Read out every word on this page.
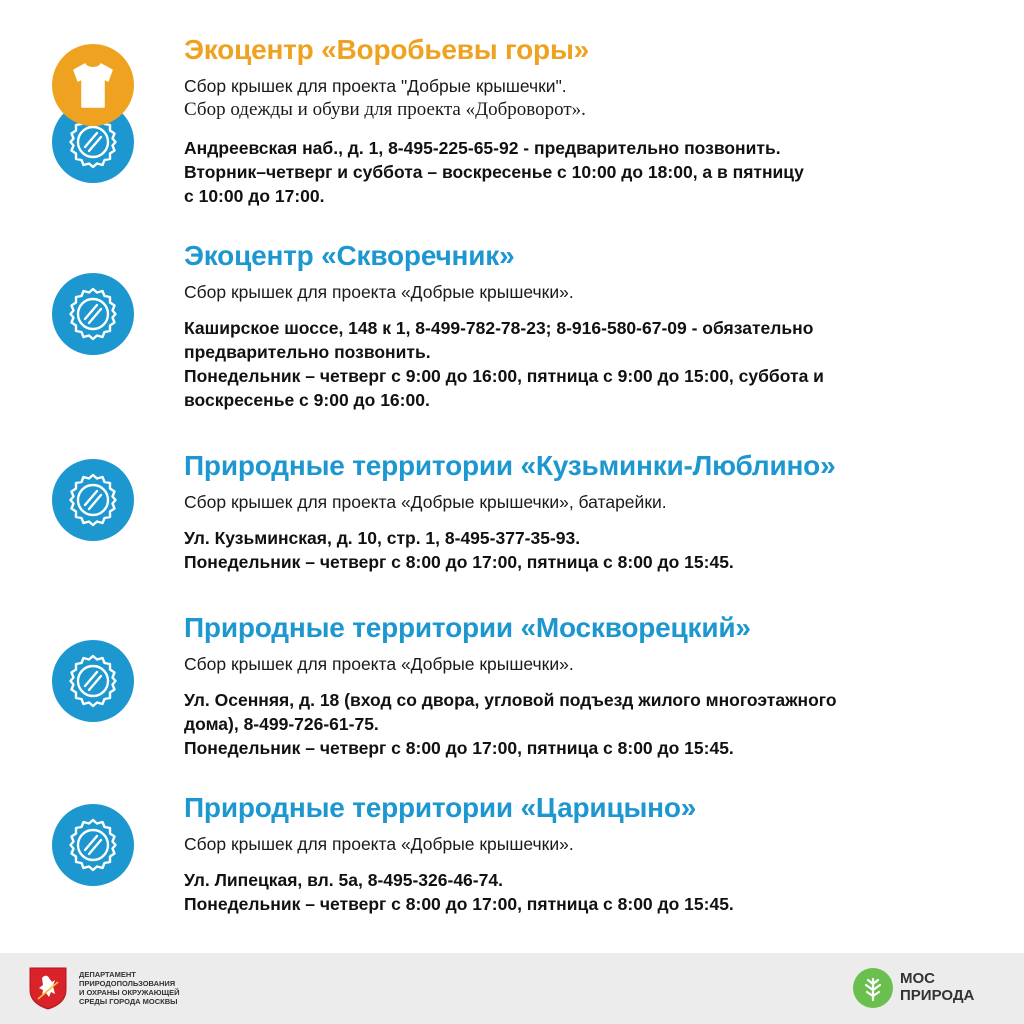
Экоцентр «Воробьевы горы»
Сбор крышек для проекта "Добрые крышечки".
Сбор одежды и обуви для проекта «Доброворот».
Андреевская наб., д. 1, 8-495-225-65-92 - предварительно позвонить.
Вторник–четверг и суббота – воскресенье с 10:00 до 18:00, а в пятницу
с 10:00 до 17:00.
Экоцентр «Скворечник»
Сбор крышек для проекта «Добрые крышечки».
Каширское шоссе, 148 к 1, 8-499-782-78-23; 8-916-580-67-09 - обязательно
предварительно позвонить.
Понедельник – четверг с 9:00 до 16:00, пятница с 9:00 до 15:00, суббота и
воскресенье с 9:00 до 16:00.
Природные территории «Кузьминки-Люблино»
Сбор крышек для проекта «Добрые крышечки», батарейки.
Ул. Кузьминская, д. 10, стр. 1, 8-495-377-35-93.
Понедельник – четверг с 8:00 до 17:00, пятница с 8:00 до 15:45.
Природные территории «Москворецкий»
Сбор крышек для проекта «Добрые крышечки».
Ул. Осенняя, д. 18 (вход со двора, угловой подъезд жилого многоэтажного
дома), 8-499-726-61-75.
Понедельник – четверг с 8:00 до 17:00, пятница с 8:00 до 15:45.
Природные территории «Царицыно»
Сбор крышек для проекта «Добрые крышечки».
Ул. Липецкая, вл. 5а, 8-495-326-46-74.
Понедельник – четверг с 8:00 до 17:00, пятница с 8:00 до 15:45.
ДЕПАРТАМЕНТ
ПРИРОДОПОЛЬЗОВАНИЯ
И ОХРАНЫ ОКРУЖАЮЩЕЙ
СРЕДЫ ГОРОДА МОСКВЫ
МОС
ПРИРОДА
